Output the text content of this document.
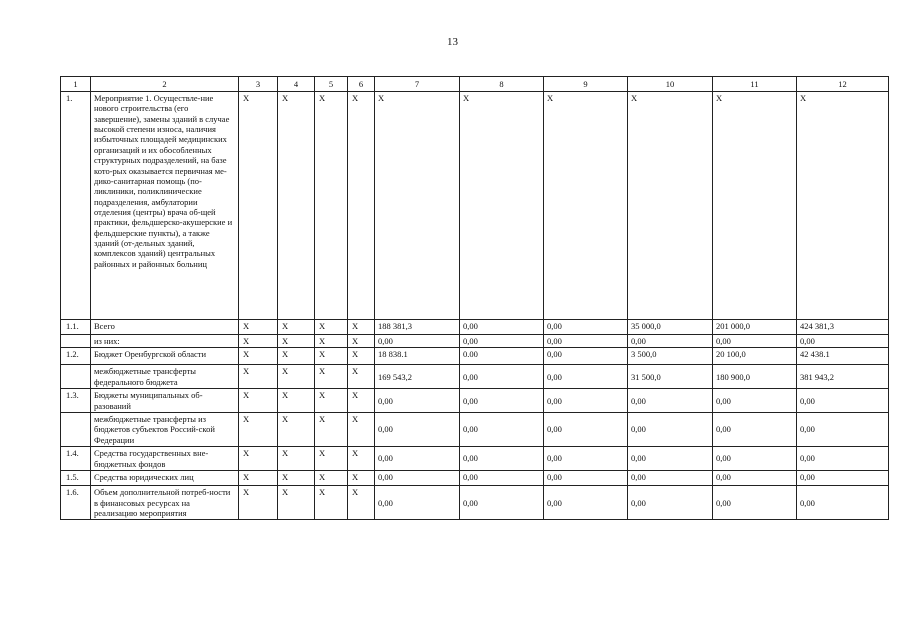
13
1	2	3	4	5	6	7	8	9	10	11	12
1.	Мероприятие 1. Осуществле-ние нового строительства (его завершение), замены зданий в случае высокой степени износа, наличия избыточных площадей медицинских организаций и их обособленных структурных подразделений, на базе кото-рых оказывается первичная ме-дико-санитарная помощь (по-ликлиники, поликлинические подразделения, амбулатории отделения (центры) врача об-щей практики, фельдшерско-акушерские и фельдшерские пункты), а также зданий (от-дельных зданий, комплексов зданий) центральных районных и районных больниц	X	X	X	X	X	X	X	X	X	X
1.1.	Всего	X	X	X	X	188 381,3	0,00	0,00	35 000,0	201 000,0	424 381,3
	из них:	X	X	X	X	0,00	0,00	0,00	0,00	0,00	0,00
1.2.	Бюджет Оренбургской области	X	X	X	X	18 838.1	0.00	0,00	3 500,0	20 100,0	42 438.1
	межбюджетные трансферты федерального бюджета	X	X	X	X	169 543,2	0,00	0,00	31 500,0	180 900,0	381 943,2
1.3.	Бюджеты муниципальных об-разований	X	X	X	X	0,00	0,00	0,00	0,00	0,00	0,00
	межбюджетные трансферты из бюджетов субъектов Россий-ской Федерации	X	X	X	X	0,00	0,00	0,00	0,00	0,00	0,00
1.4.	Средства государственных вне-бюджетных фондов	X	X	X	X	0,00	0,00	0,00	0,00	0,00	0,00
1.5.	Средства юридических лиц	X	X	X	X	0,00	0,00	0,00	0,00	0,00	0,00
1.6.	Объем дополнительной потреб-ности в финансовых ресурсах на реализацию мероприятия	X	X	X	X	0,00	0,00	0,00	0,00	0,00	0,00
